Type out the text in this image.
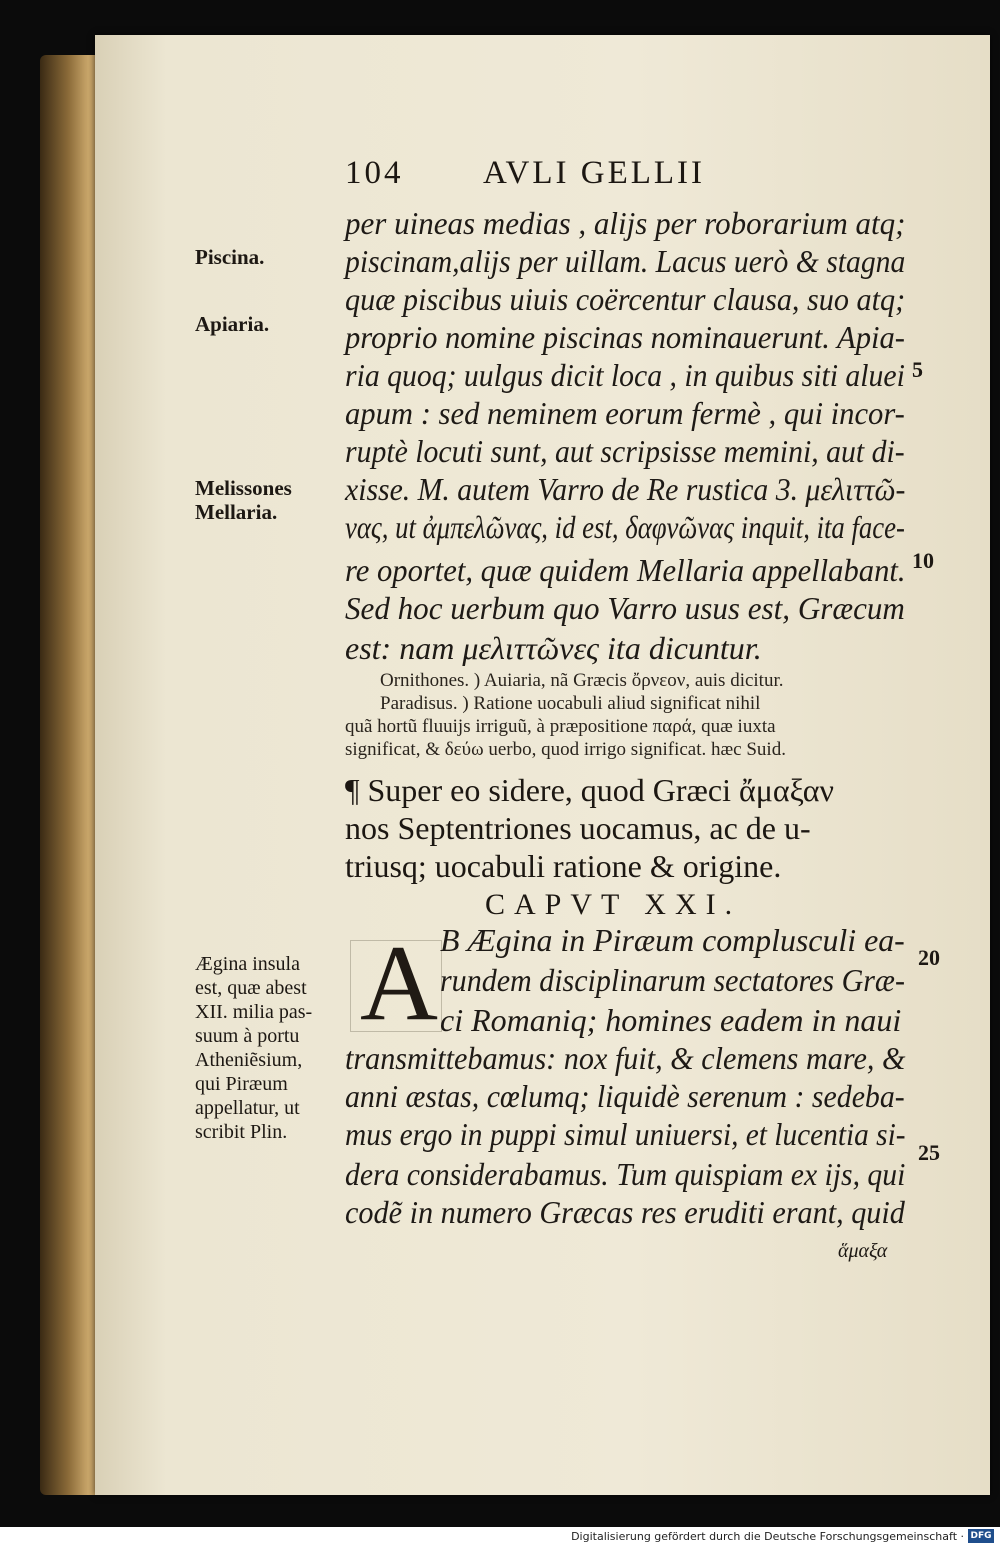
104 AVLI GELLII
per uineas medias , alijs per roborarium atq;
piscinam,alijs per uillam. Lacus uerò & stagna
quæ piscibus uiuis coërcentur clausa, suo atq;
proprio nomine piscinas nominauerunt. Apia-
ria quoq; uulgus dicit loca , in quibus siti aluei
apum : sed neminem eorum fermè , qui incor-
ruptè locuti sunt, aut scripsisse memini, aut di-
xisse. M. autem Varro de Re rustica 3. μελιττῶ-
νας, ut ἀμπελῶνας, id est, δαφνῶνας inquit, ita face-
re oportet, quæ quidem Mellaria appellabant.
Sed hoc uerbum quo Varro usus est, Græcum
est: nam μελιττῶνες ita dicuntur.
Ornithones. ) Auiaria, nã Græcis ὄρνεον, auis dicitur.
Paradisus. ) Ratione uocabuli aliud significat nihil
quã hortũ fluuijs irriguũ, à præpositione παρά, quæ iuxta
significat, & δεύω uerbo, quod irrigo significat. hæc Suid.
¶ Super eo sidere, quod Græci ἄμαξαν
nos Septentriones uocamus, ac de u-
triusq; uocabuli ratione & origine.
CAPVT XXI.
A B Ægina in Piræum complusculi ea-
rundem disciplinarum sectatores Græ-
ci Romaniq; homines eadem in naui
transmittebamus: nox fuit, & clemens mare, &
anni æstas, cœlumq; liquidè serenum : sedeba-
mus ergo in puppi simul uniuersi, et lucentia si-
dera considerabamus. Tum quispiam ex ijs, qui
codẽ in numero Græcas res eruditi erant, quid
ἅμαξα
Piscina.
Apiaria.
Melissones
Mellaria.
Ægina insula
est, quæ abest
XII. milia pas-
suum à portu
Atheniẽsium,
qui Piræum
appellatur, ut
scribit Plin.
5
10
20
25
Digitalisierung gefördert durch die Deutsche Forschungsgemeinschaft · DFG
